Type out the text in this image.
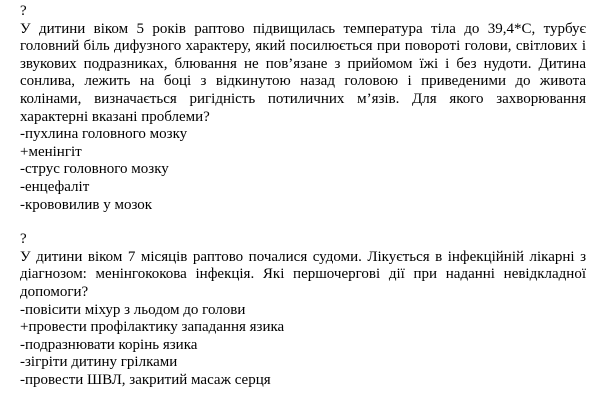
?
У дитини віком 5 років раптово підвищилась температура тіла до 39,4*С, турбує головний біль дифузного характеру, який посилюється при повороті голови, світлових і звукових подразниках, блювання не пов’язане з прийомом їжі і без нудоти. Дитина сонлива, лежить на боці з відкинутою назад головою і приведеними до живота колінами, визначається ригідність потиличних м’язів. Для якого захворювання характерні вказані проблеми?
-пухлина головного мозку
+менінгіт
-струс головного мозку
-енцефаліт
-крововилив у мозок
?
У дитини віком 7 місяців раптово почалися судоми. Лікується в інфекційній лікарні з діагнозом: менінгококова інфекція. Які першочергові дії при наданні невідкладної допомоги?
-повісити міхур з льодом до голови
+провести профілактику западання язика
-подразнювати корінь язика
-зігріти дитину грілками
-провести ШВЛ, закритий масаж серця
